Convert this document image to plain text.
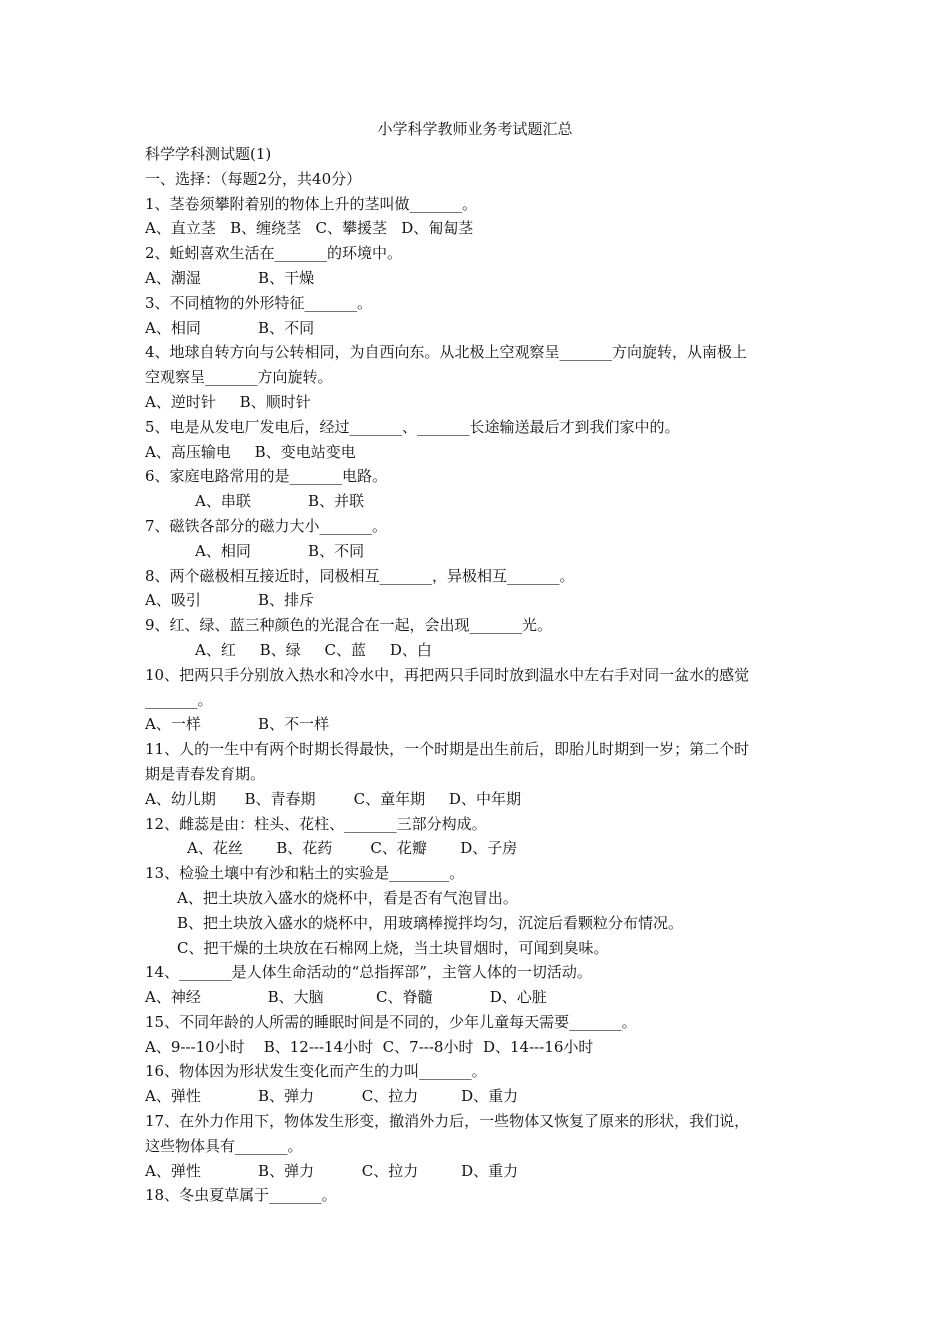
小学科学教师业务考试题汇总
科学学科测试题(1)
一、选择：（每题2分，共40分）
1、茎卷须攀附着别的物体上升的茎叫做_______。
A、直立茎   B、缠绕茎   C、攀援茎   D、匍匐茎
2、蚯蚓喜欢生活在_______的环境中。
A、潮湿            B、干燥
3、不同植物的外形特征_______。
A、相同            B、不同
4、地球自转方向与公转相同，为自西向东。从北极上空观察呈_______方向旋转，从南极上
空观察呈_______方向旋转。
A、逆时针     B、顺时针
5、电是从发电厂发电后，经过_______、_______长途输送最后才到我们家中的。
A、高压输电     B、变电站变电
6、家庭电路常用的是_______电路。
A、串联            B、并联
7、磁铁各部分的磁力大小_______。
A、相同            B、不同
8、两个磁极相互接近时，同极相互_______，异极相互_______。
A、吸引            B、排斥
9、红、绿、蓝三种颜色的光混合在一起，会出现_______光。
A、红     B、绿     C、蓝     D、白
10、把两只手分别放入热水和冷水中，再把两只手同时放到温水中左右手对同一盆水的感觉
_______。
A、一样            B、不一样
11、人的一生中有两个时期长得最快，一个时期是出生前后，即胎儿时期到一岁；第二个时
期是青春发育期。
A、幼儿期      B、青春期        C、童年期     D、中年期
12、雌蕊是由：柱头、花柱、_______三部分构成。
A、花丝       B、花药        C、花瓣       D、子房
13、检验土壤中有沙和粘土的实验是________。
A、把土块放入盛水的烧杯中，看是否有气泡冒出。
B、把土块放入盛水的烧杯中，用玻璃棒搅拌均匀，沉淀后看颗粒分布情况。
C、把干燥的土块放在石棉网上烧，当土块冒烟时，可闻到臭味。
14、_______是人体生命活动的“总指挥部”，主管人体的一切活动。
A、神经              B、大脑           C、脊髓            D、心脏
15、不同年龄的人所需的睡眠时间是不同的，少年儿童每天需要_______。
A、9---10小时    B、12---14小时  C、7---8小时  D、14---16小时
16、物体因为形状发生变化而产生的力叫_______。
A、弹性            B、弹力          C、拉力         D、重力
17、在外力作用下，物体发生形变，撤消外力后，一些物体又恢复了原来的形状，我们说，
这些物体具有_______。
A、弹性            B、弹力          C、拉力         D、重力
18、冬虫夏草属于_______。
